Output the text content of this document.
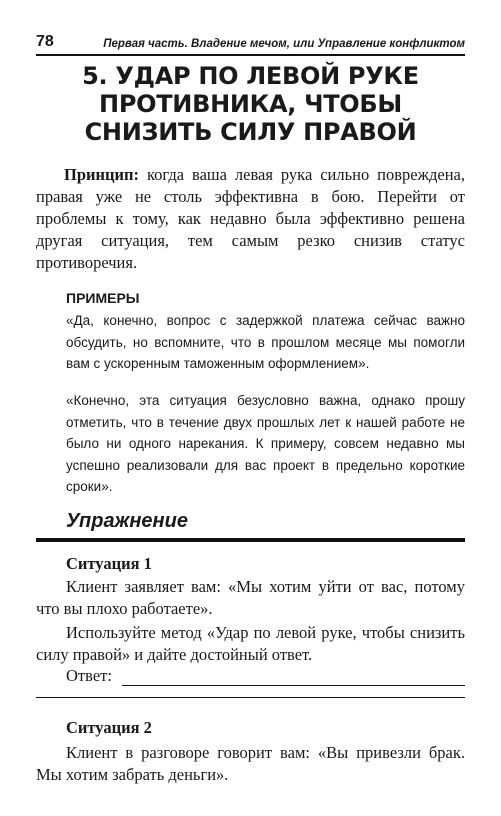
78	Первая часть. Владение мечом, или Управление конфликтом
5. УДАР ПО ЛЕВОЙ РУКЕ ПРОТИВНИКА, ЧТОБЫ СНИЗИТЬ СИЛУ ПРАВОЙ
Принцип: когда ваша левая рука сильно повреждена, правая уже не столь эффективна в бою. Перейти от проблемы к тому, как недавно была эффективно решена другая ситуация, тем самым резко снизив статус противоречия.
ПРИМЕРЫ
«Да, конечно, вопрос с задержкой платежа сейчас важно обсудить, но вспомните, что в прошлом месяце мы помогли вам с ускоренным таможенным оформлением».
«Конечно, эта ситуация безусловно важна, однако прошу отметить, что в течение двух прошлых лет к нашей работе не было ни одного нарекания. К примеру, совсем недавно мы успешно реализовали для вас проект в предельно короткие сроки».
Упражнение
Ситуация 1
Клиент заявляет вам: «Мы хотим уйти от вас, потому что вы плохо работаете».
Используйте метод «Удар по левой руке, чтобы снизить силу правой» и дайте достойный ответ.
Ответ:
Ситуация 2
Клиент в разговоре говорит вам: «Вы привезли брак. Мы хотим забрать деньги».
